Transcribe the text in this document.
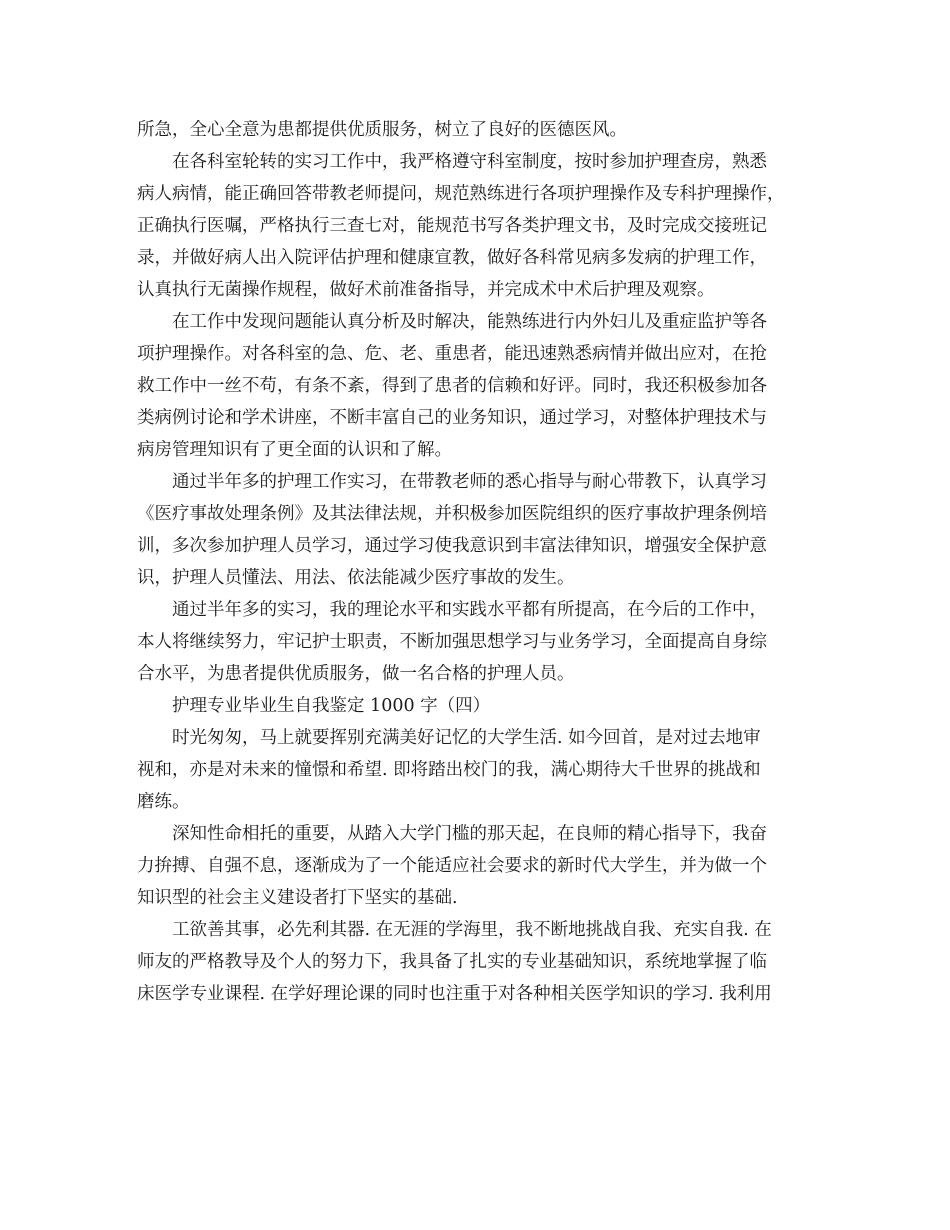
所急，全心全意为患都提供优质服务，树立了良好的医德医风。

在各科室轮转的实习工作中，我严格遵守科室制度，按时参加护理查房，熟悉
病人病情，能正确回答带教老师提问，规范熟练进行各项护理操作及专科护理操作，
正确执行医嘱，严格执行三查七对，能规范书写各类护理文书，及时完成交接班记
录，并做好病人出入院评估护理和健康宣教，做好各科常见病多发病的护理工作，
认真执行无菌操作规程，做好术前准备指导，并完成术中术后护理及观察。

在工作中发现问题能认真分析及时解决，能熟练进行内外妇儿及重症监护等各
项护理操作。对各科室的急、危、老、重患者，能迅速熟悉病情并做出应对，在抢
救工作中一丝不苟，有条不紊，得到了患者的信赖和好评。同时，我还积极参加各
类病例讨论和学术讲座，不断丰富自己的业务知识，通过学习，对整体护理技术与
病房管理知识有了更全面的认识和了解。

通过半年多的护理工作实习，在带教老师的悉心指导与耐心带教下，认真学习
《医疗事故处理条例》及其法律法规，并积极参加医院组织的医疗事故护理条例培
训，多次参加护理人员学习，通过学习使我意识到丰富法律知识，增强安全保护意
识，护理人员懂法、用法、依法能减少医疗事故的发生。

通过半年多的实习，我的理论水平和实践水平都有所提高，在今后的工作中，
本人将继续努力，牢记护士职责，不断加强思想学习与业务学习，全面提高自身综
合水平，为患者提供优质服务，做一名合格的护理人员。

护理专业毕业生自我鉴定 1000 字（四）

时光匆匆，马上就要挥别充满美好记忆的大学生活. 如今回首，是对过去地审
视和，亦是对未来的憧憬和希望. 即将踏出校门的我，满心期待大千世界的挑战和
磨练。

深知性命相托的重要，从踏入大学门槛的那天起，在良师的精心指导下，我奋
力拚搏、自强不息，逐渐成为了一个能适应社会要求的新时代大学生，并为做一个
知识型的社会主义建设者打下坚实的基础.

工欲善其事，必先利其器. 在无涯的学海里，我不断地挑战自我、充实自我. 在
师友的严格教导及个人的努力下，我具备了扎实的专业基础知识，系统地掌握了临
床医学专业课程. 在学好理论课的同时也注重于对各种相关医学知识的学习. 我利用
